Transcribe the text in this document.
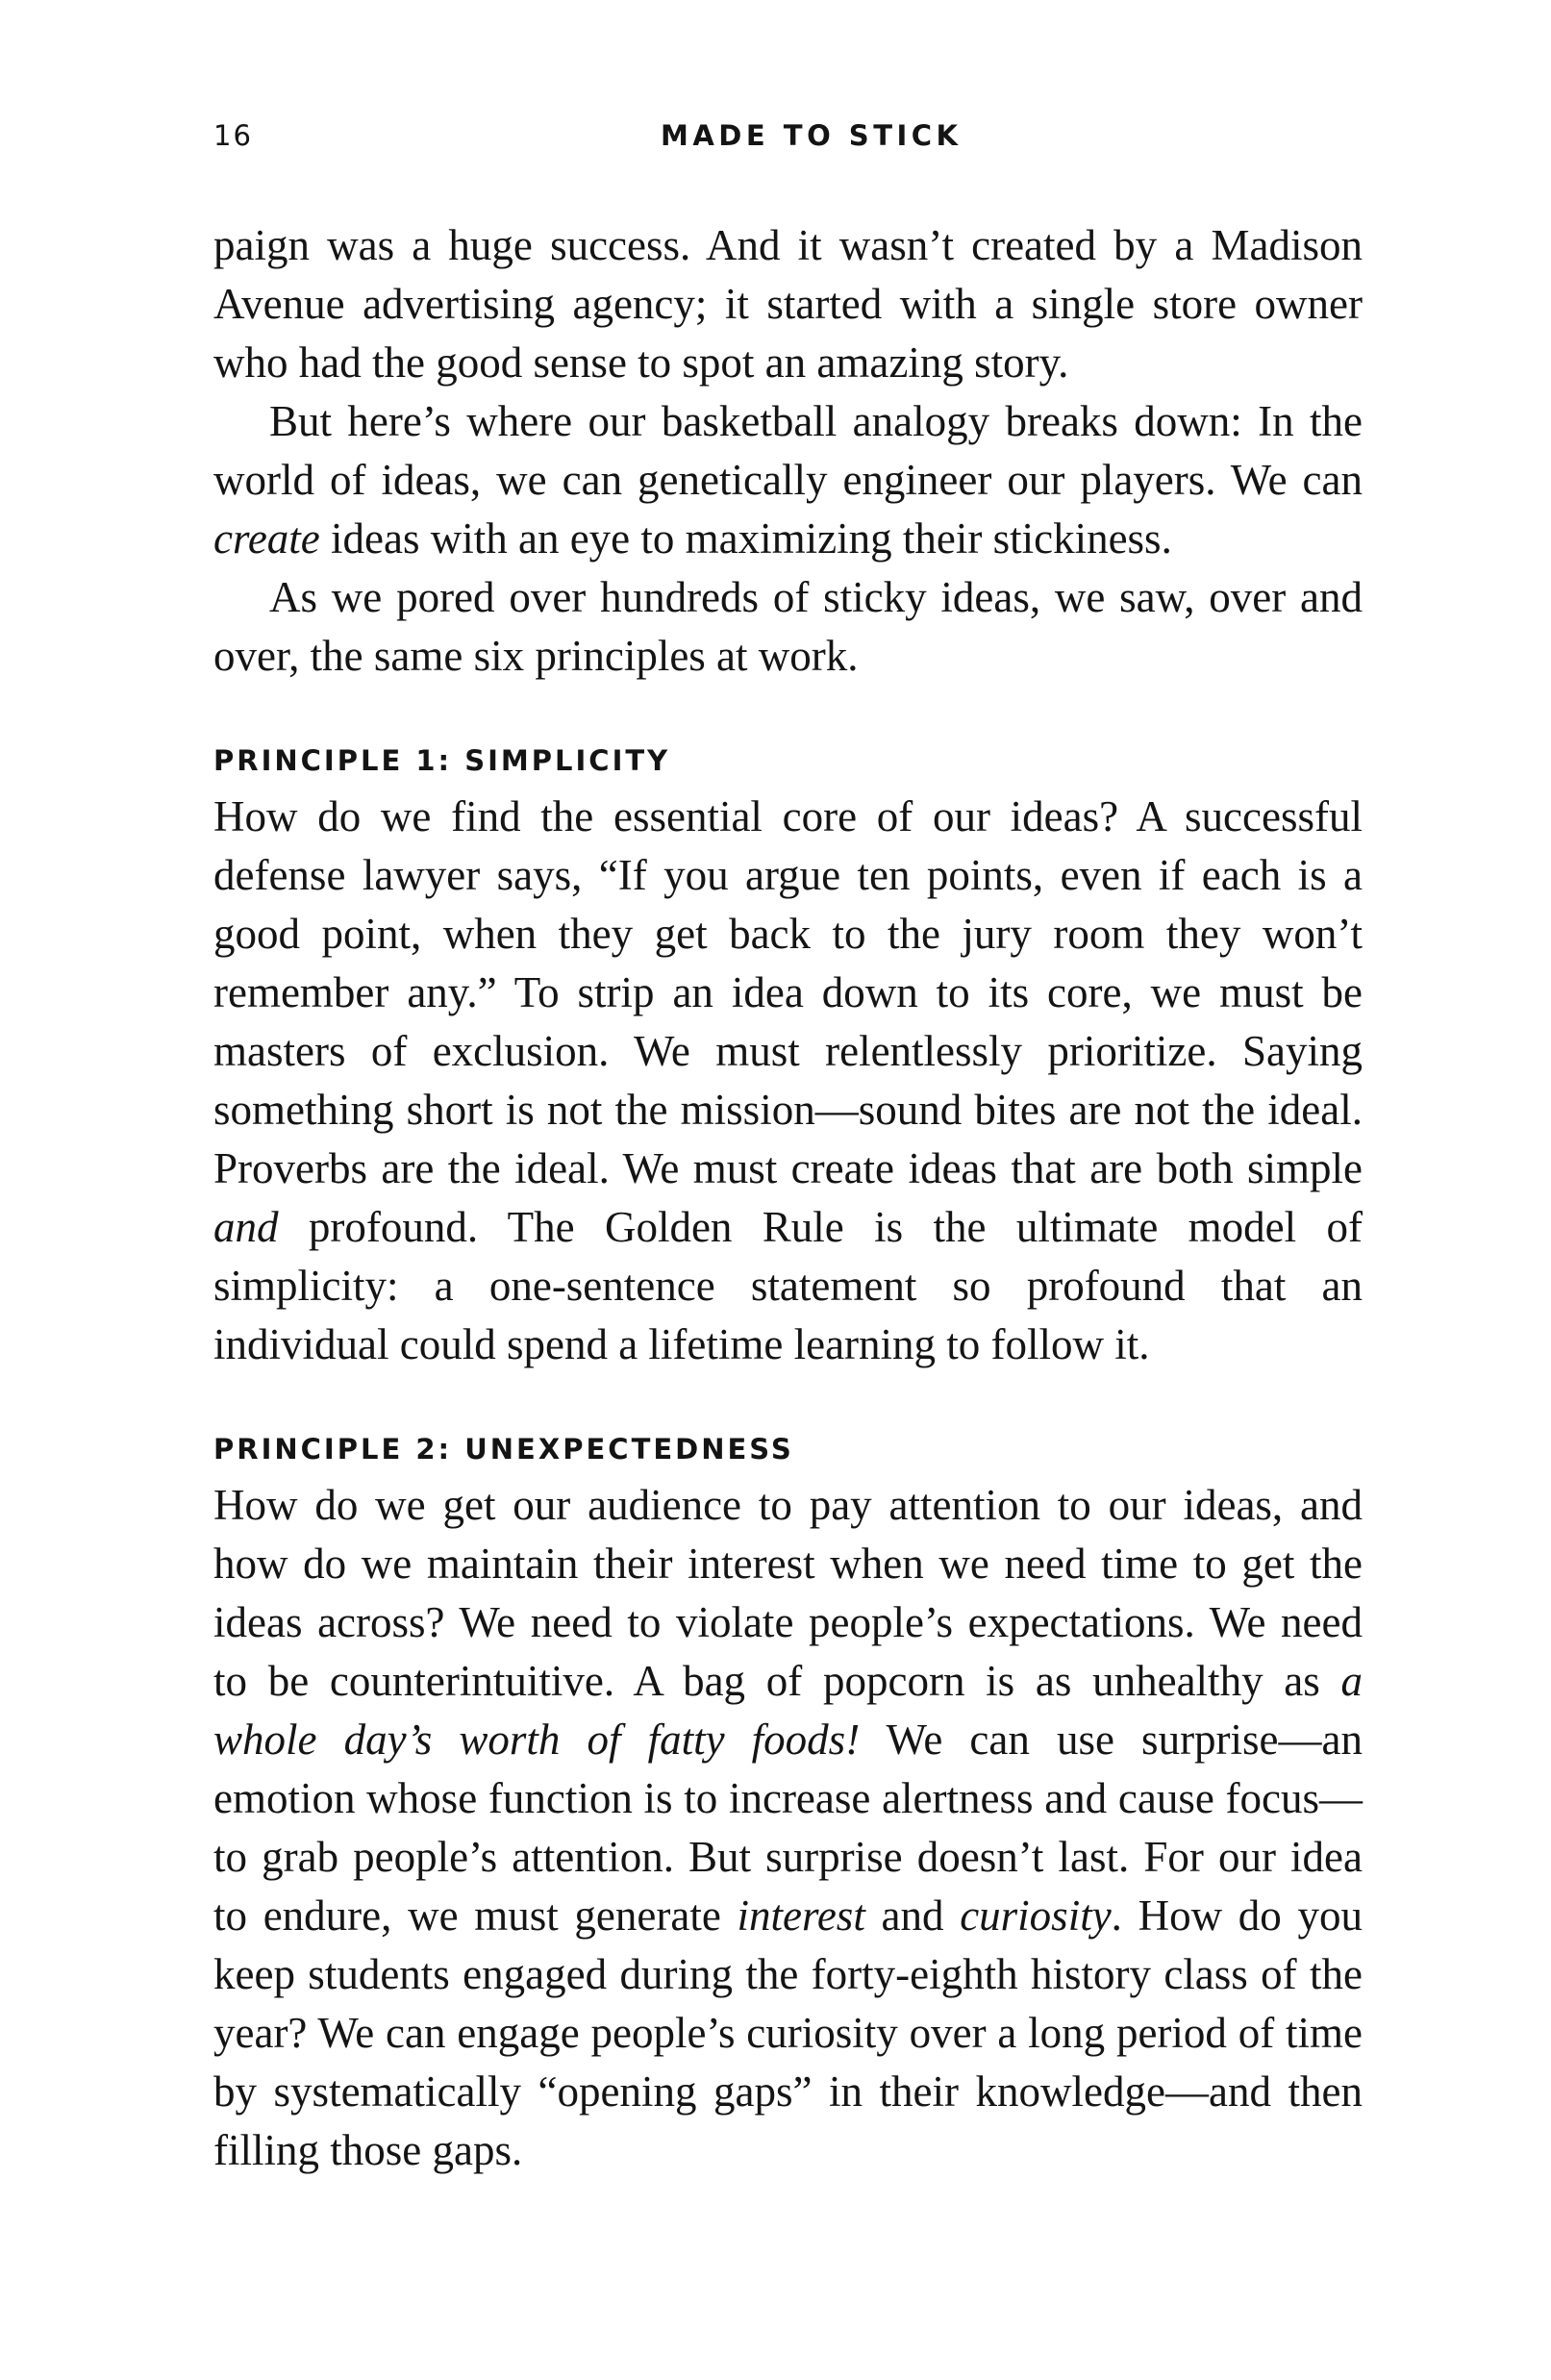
16	MADE TO STICK

paign was a huge success. And it wasn’t created by a Madison Avenue advertising agency; it started with a single store owner who had the good sense to spot an amazing story.

But here’s where our basketball analogy breaks down: In the world of ideas, we can genetically engineer our players. We can create ideas with an eye to maximizing their stickiness.

As we pored over hundreds of sticky ideas, we saw, over and over, the same six principles at work.

PRINCIPLE 1: SIMPLICITY

How do we find the essential core of our ideas? A successful defense lawyer says, “If you argue ten points, even if each is a good point, when they get back to the jury room they won’t remember any.” To strip an idea down to its core, we must be masters of exclusion. We must relentlessly prioritize. Saying something short is not the mission—sound bites are not the ideal. Proverbs are the ideal. We must create ideas that are both simple and profound. The Golden Rule is the ultimate model of simplicity: a one-sentence statement so profound that an individual could spend a lifetime learning to follow it.

PRINCIPLE 2: UNEXPECTEDNESS

How do we get our audience to pay attention to our ideas, and how do we maintain their interest when we need time to get the ideas across? We need to violate people’s expectations. We need to be counterintuitive. A bag of popcorn is as unhealthy as a whole day’s worth of fatty foods! We can use surprise—an emotion whose function is to increase alertness and cause focus—to grab people’s attention. But surprise doesn’t last. For our idea to endure, we must generate interest and curiosity. How do you keep students engaged during the forty-eighth history class of the year? We can engage people’s curiosity over a long period of time by systematically “opening gaps” in their knowledge—and then filling those gaps.
